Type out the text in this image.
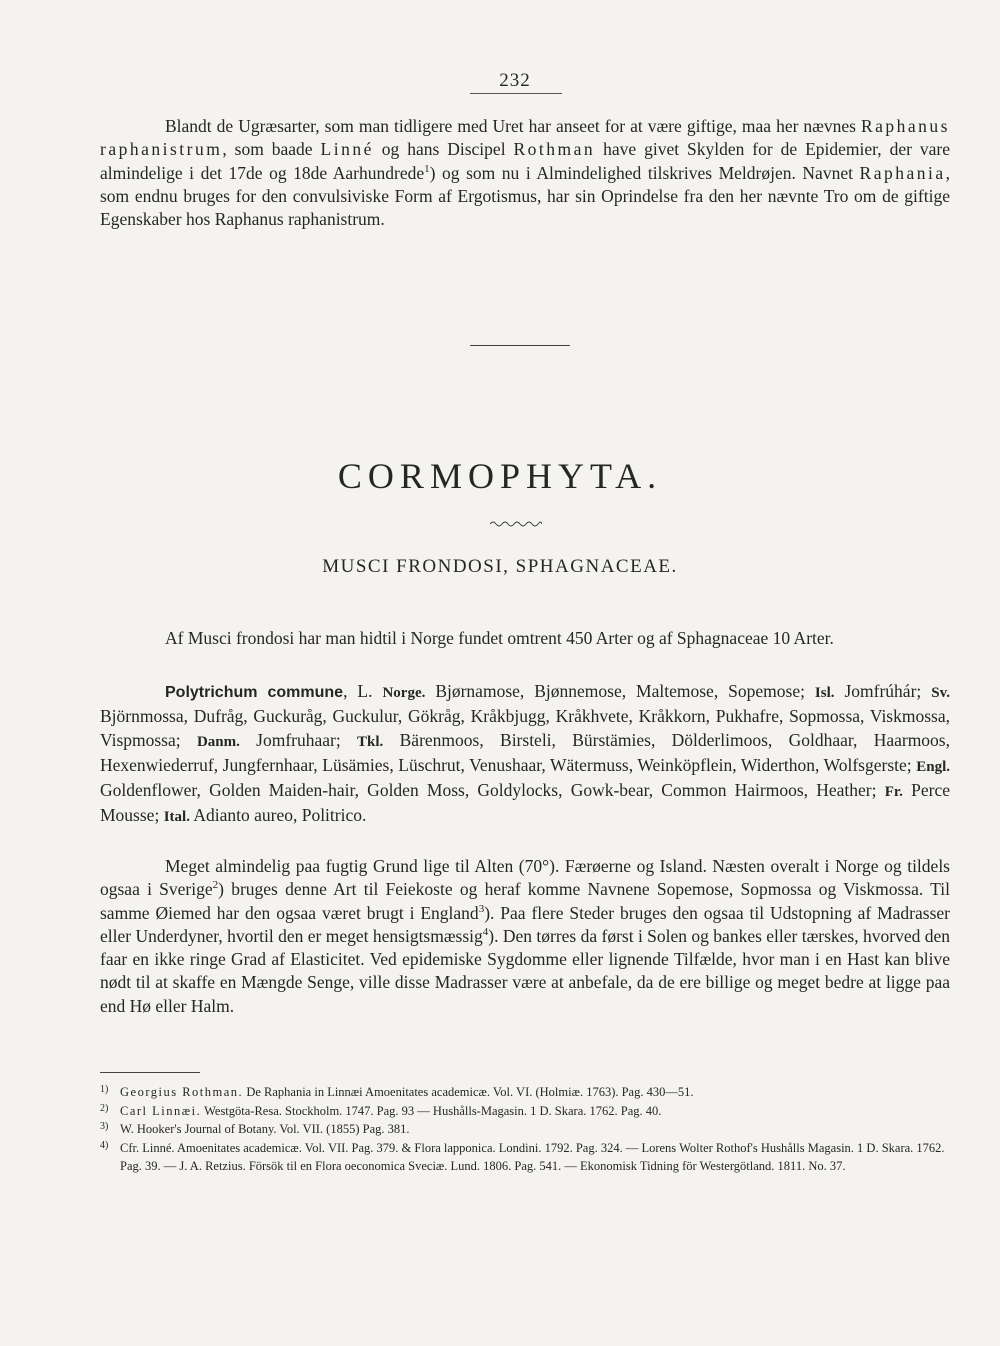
232
Blandt de Ugræsarter, som man tidligere med Uret har anseet for at være giftige, maa her nævnes Raphanus raphanistrum, som baade Linné og hans Discipel Rothman have givet Skylden for de Epidemier, der vare almindelige i det 17de og 18de Aarhundrede$^1$) og som nu i Almindelighed tilskrives Meldrøjen. Navnet Raphania, som endnu bruges for den convulsiviske Form af Ergotismus, har sin Oprindelse fra den her nævnte Tro om de giftige Egenskaber hos Raphanus raphanistrum.
CORMOPHYTA.
MUSCI FRONDOSI, SPHAGNACEAE.
Af Musci frondosi har man hidtil i Norge fundet omtrent 450 Arter og af Sphagnaceae 10 Arter.
Polytrichum commune, L. Norge. Bjørnamose, Bjønnemose, Maltemose, Sopemose; Isl. Jomfrúhár; Sv. Björnmossa, Dufråg, Guckuråg, Guckulur, Gökråg, Kråkbjugg, Kråkhvete, Kråkkorn, Pukhafre, Sopmossa, Viskmossa, Vispmossa; Danm. Jomfruhaar; Tkl. Bärenmoos, Birsteli, Bürstämies, Dölderlimoos, Goldhaar, Haarmoos, Hexenwiederruf, Jungfernhaar, Lüsämies, Lüschrut, Venushaar, Wätermuss, Weinköpflein, Widerthon, Wolfsgerste; Engl. Goldenflower, Golden Maiden-hair, Golden Moss, Goldylocks, Gowk-bear, Common Hairmoos, Heather; Fr. Perce Mousse; Ital. Adianto aureo, Politrico.
Meget almindelig paa fugtig Grund lige til Alten (70°). Færøerne og Island. Næsten overalt i Norge og tildels ogsaa i Sverige$^2$) bruges denne Art til Feiekoste og heraf komme Navnene Sopemose, Sopmossa og Viskmossa. Til samme Øiemed har den ogsaa været brugt i England$^3$). Paa flere Steder bruges den ogsaa til Udstopning af Madrasser eller Underdyner, hvortil den er meget hensigtsmæssig$^4$). Den tørres da først i Solen og bankes eller tærskes, hvorved den faar en ikke ringe Grad af Elasticitet. Ved epidemiske Sygdomme eller lignende Tilfælde, hvor man i en Hast kan blive nødt til at skaffe en Mængde Senge, ville disse Madrasser være at anbefale, da de ere billige og meget bedre at ligge paa end Hø eller Halm.
1) Georgius Rothman. De Raphania in Linnæi Amoenitates academicæ. Vol. VI. (Holmiæ. 1763). Pag. 430—51.
2) Carl Linnæi. Westgöta-Resa. Stockholm. 1747. Pag. 93 — Hushålls-Magasin. 1 D. Skara. 1762. Pag. 40.
3) W. Hooker's Journal of Botany. Vol. VII. (1855) Pag. 381.
4) Cfr. Linné. Amoenitates academicæ. Vol. VII. Pag. 379. & Flora lapponica. Londini. 1792. Pag. 324. — Lorens Wolter Rothof's Hushålls Magasin. 1 D. Skara. 1762. Pag. 39. — J. A. Retzius. Försök til en Flora oeconomica Sveciæ. Lund. 1806. Pag. 541. — Ekonomisk Tidning för Westergötland. 1811. No. 37.
